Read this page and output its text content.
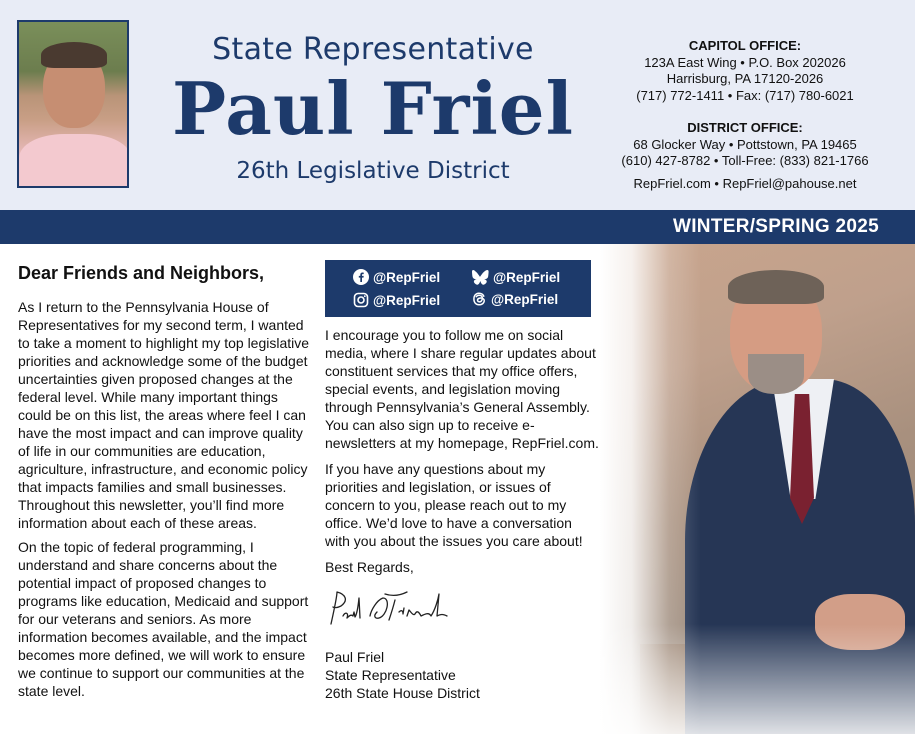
State Representative
Paul Friel
26th Legislative District
CAPITOL OFFICE:
123A East Wing • P.O. Box 202026
Harrisburg, PA 17120-2026
(717) 772-1411 • Fax: (717) 780-6021
DISTRICT OFFICE:
68 Glocker Way • Pottstown, PA 19465
(610) 427-8782 • Toll-Free: (833) 821-1766
RepFriel.com • RepFriel@pahouse.net
WINTER/SPRING 2025
Dear Friends and Neighbors,
As I return to the Pennsylvania House of Representatives for my second term, I wanted to take a moment to highlight my top legislative priorities and acknowledge some of the budget uncertainties given proposed changes at the federal level. While many important things could be on this list, the areas where feel I can have the most impact and can improve quality of life in our communities are education, agriculture, infrastructure, and economic policy that impacts families and small businesses. Throughout this newsletter, you’ll find more information about each of these areas.
On the topic of federal programming, I understand and share concerns about the potential impact of proposed changes to programs like education, Medicaid and support for our veterans and seniors. As more information becomes available, and the impact becomes more defined, we will work to ensure we continue to support our communities at the state level.
@RepFriel	@RepFriel
@RepFriel	@RepFriel
I encourage you to follow me on social media, where I share regular updates about constituent services that my office offers, special events, and legislation moving through Pennsylvania’s General Assembly. You can also sign up to receive e-newsletters at my homepage, RepFriel.com.
If you have any questions about my priorities and legislation, or issues of concern to you, please reach out to my office. We’d love to have a conversation with you about the issues you care about!
Best Regards,
Paul Friel
State Representative
26th State House District
